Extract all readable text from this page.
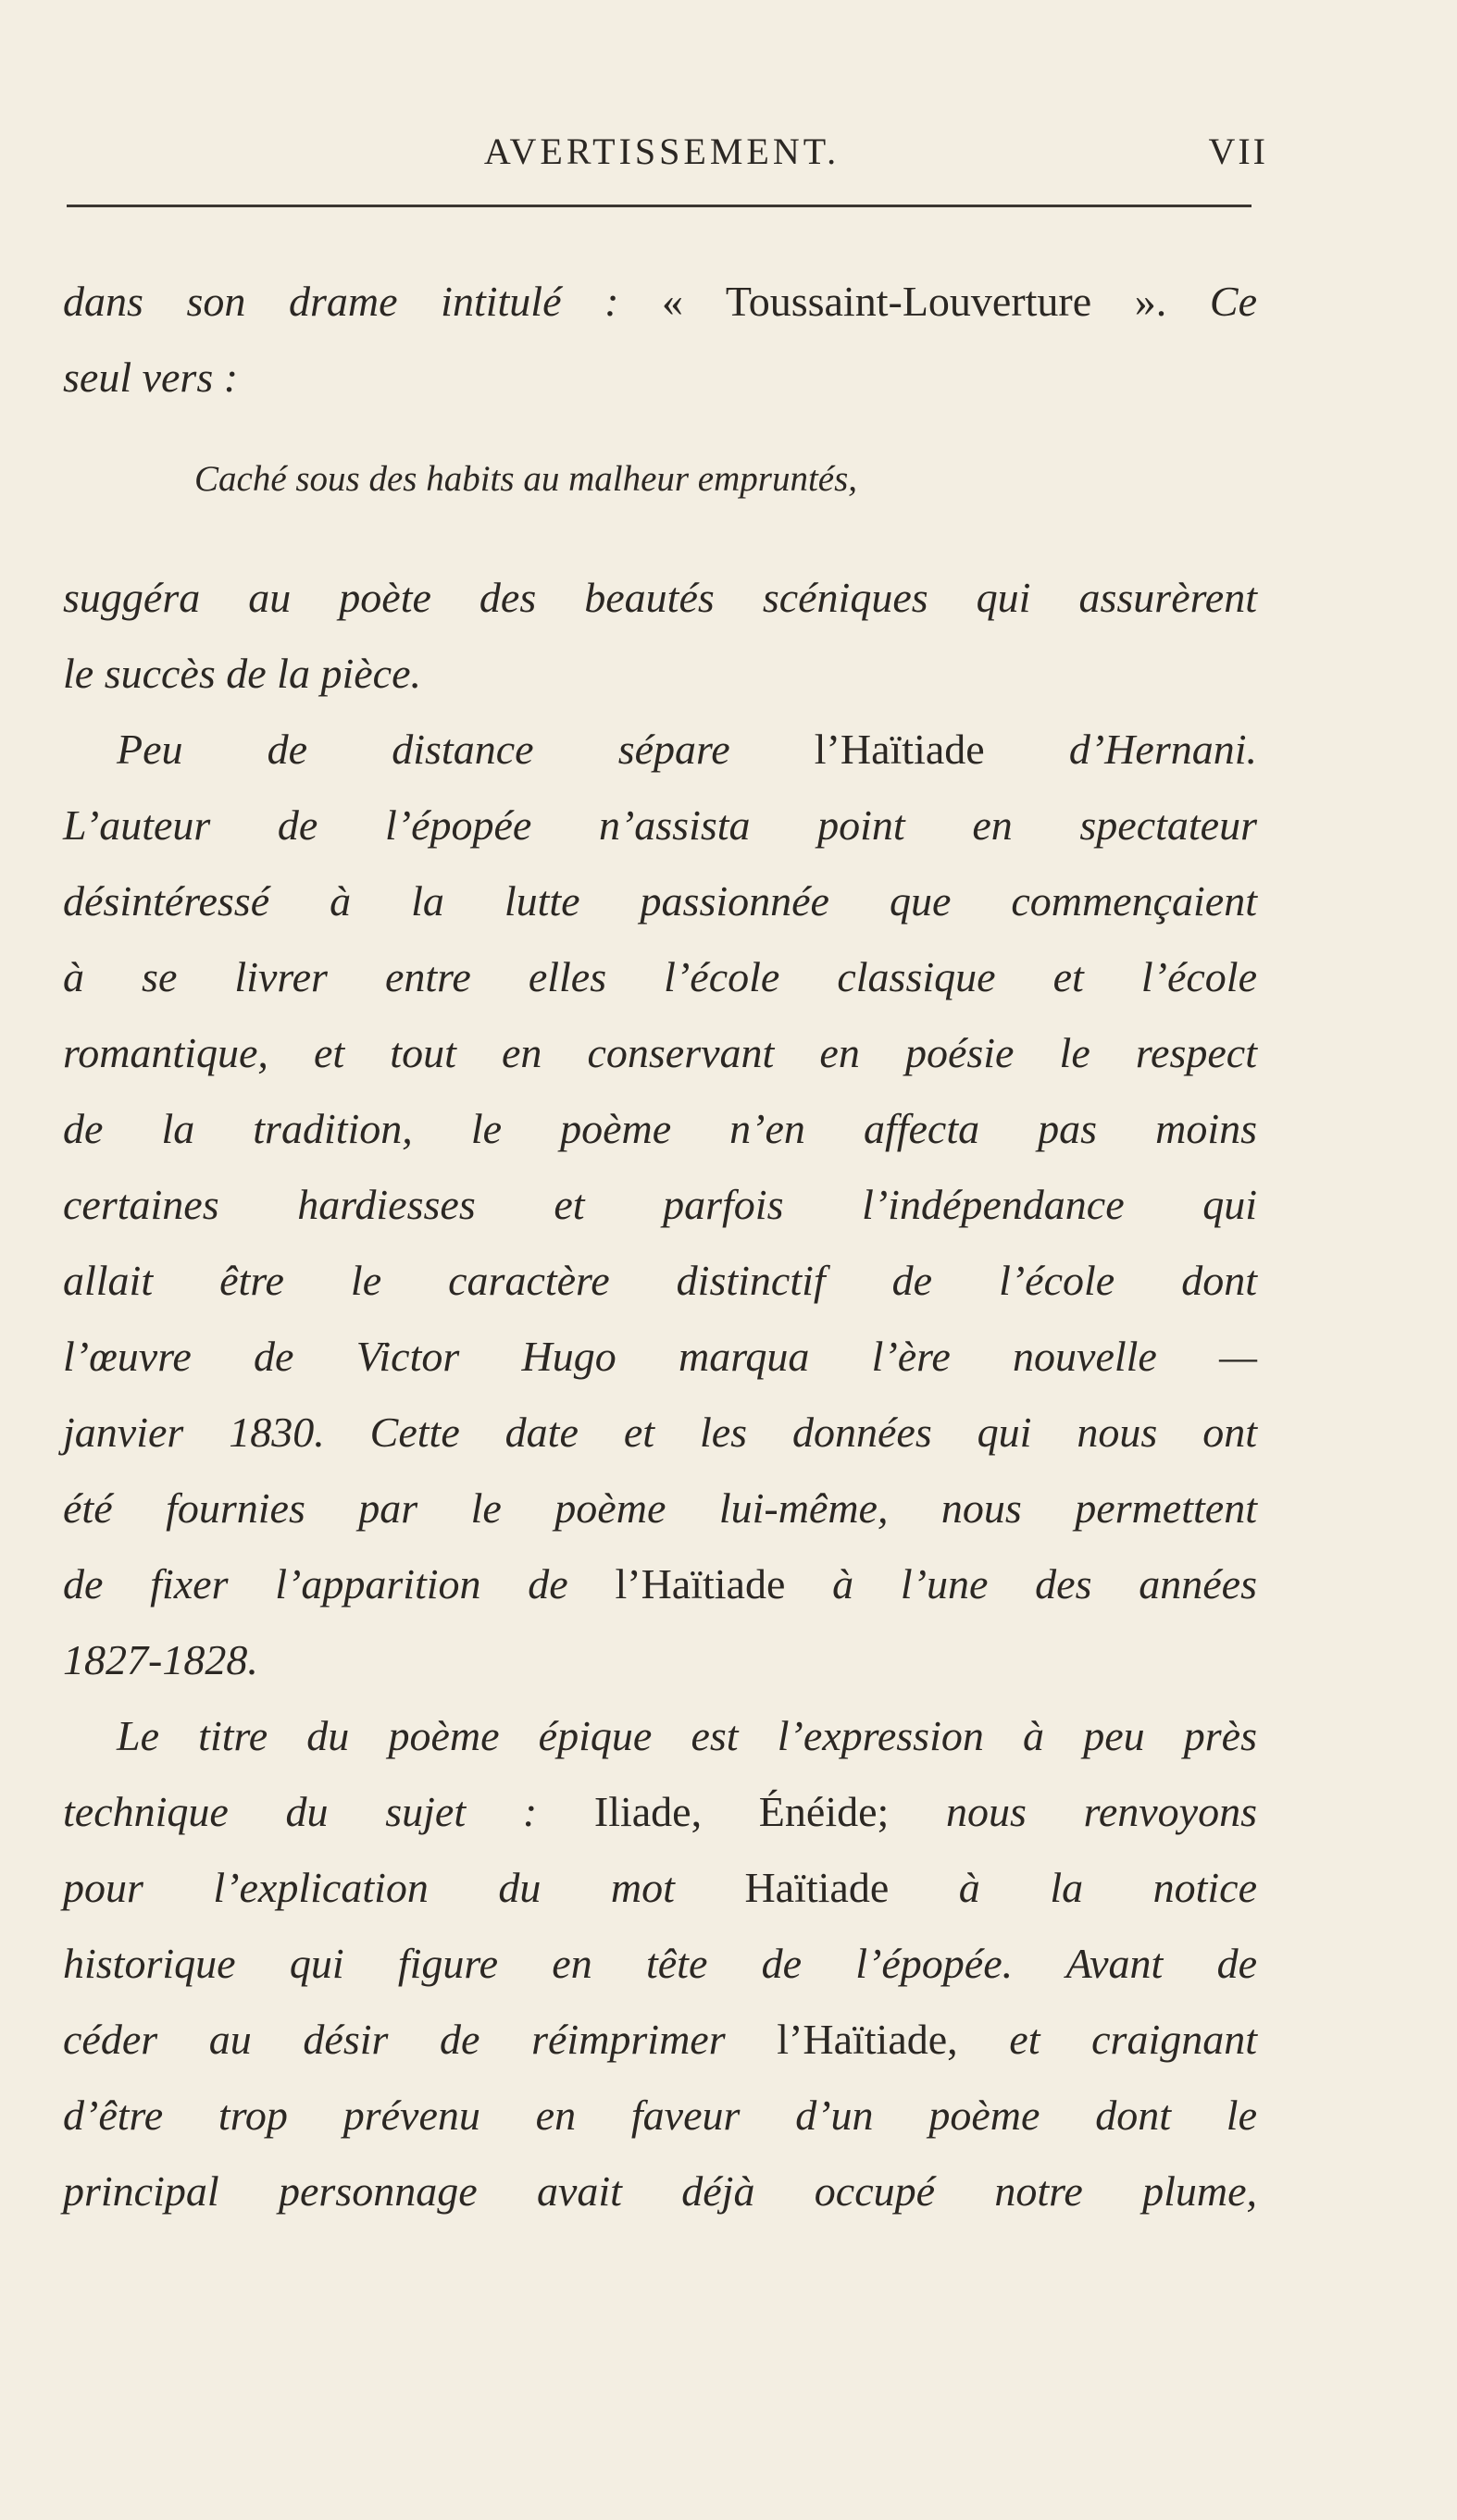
AVERTISSEMENT.	VII
dans son drame intitulé : « Toussaint-Louverture ». Ce
seul vers :
Caché sous des habits au malheur empruntés,
suggéra au poète des beautés scéniques qui assurèrent
le succès de la pièce.
Peu de distance sépare l’Haïtiade d’Hernani.
L’auteur de l’épopée n’assista point en spectateur
désintéressé à la lutte passionnée que commençaient
à se livrer entre elles l’école classique et l’école
romantique, et tout en conservant en poésie le respect
de la tradition, le poème n’en affecta pas moins
certaines hardiesses et parfois l’indépendance qui
allait être le caractère distinctif de l’école dont
l’œuvre de Victor Hugo marqua l’ère nouvelle —
janvier 1830. Cette date et les données qui nous ont
été fournies par le poème lui-même, nous permettent
de fixer l’apparition de l’Haïtiade à l’une des années
1827-1828.
Le titre du poème épique est l’expression à peu près
technique du sujet : Iliade, Énéide; nous renvoyons
pour l’explication du mot Haïtiade à la notice
historique qui figure en tête de l’épopée. Avant de
céder au désir de réimprimer l’Haïtiade, et craignant
d’être trop prévenu en faveur d’un poème dont le
principal personnage avait déjà occupé notre plume,
